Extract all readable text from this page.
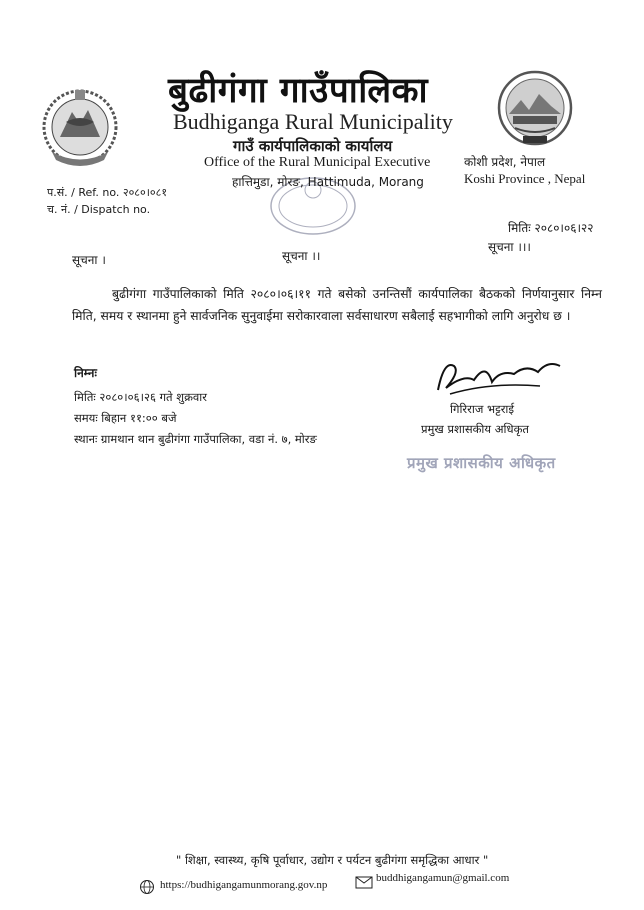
बुढीगंगा गाउँपालिका
Budhiganga Rural Municipality
गाउँ कार्यपालिकाको कार्यालय
Office of the Rural Municipal Executive
हात्तिमुडा, मोरङ, Hattimuda, Morang
कोशी प्रदेश, नेपाल
Koshi Province , Nepal
प.सं. / Ref. no. २०८०।०८१
च. नं. / Dispatch no.
मितिः २०८०।०६।२२
सूचना ।	सूचना ।।
सूचना ।।।
बुढीगंगा गाउँपालिकाको मिति २०८०।०६।११ गते बसेको उनन्तिसौं कार्यपालिका बैठकको निर्णयानुसार निम्न मिति, समय र स्थानमा हुने सार्वजनिक सुनुवाईमा सरोकारवाला सर्वसाधारण सबैलाई सहभागीको लागि अनुरोध छ ।
निम्नः
मितिः २०८०।०६।२६ गते शुक्रवार
समयः बिहान ११:०० बजे
स्थानः ग्रामथान थान बुढीगंगा गाउँपालिका, वडा नं. ७, मोरङ
गिरिराज भट्टराई
प्रमुख प्रशासकीय अधिकृत
प्रमुख प्रशासकीय अधिकृत
" शिक्षा, स्वास्थ्य, कृषि पूर्वाधार, उद्योग र पर्यटन बुढीगंगा समृद्धिका आधार "
https://budhigangamunmorang.gov.np
buddhigangamun@gmail.com
